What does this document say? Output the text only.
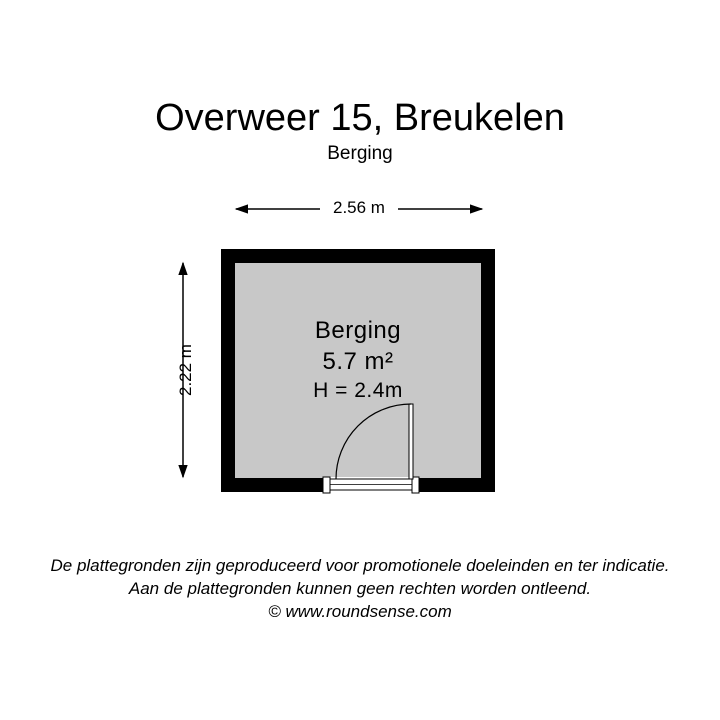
Overweer 15, Breukelen
Berging
2.56 m
2.22 m
Berging
5.7 m²
H = 2.4m
De plattegronden zijn geproduceerd voor promotionele doeleinden en ter indicatie.
Aan de plattegronden kunnen geen rechten worden ontleend.
© www.roundsense.com
